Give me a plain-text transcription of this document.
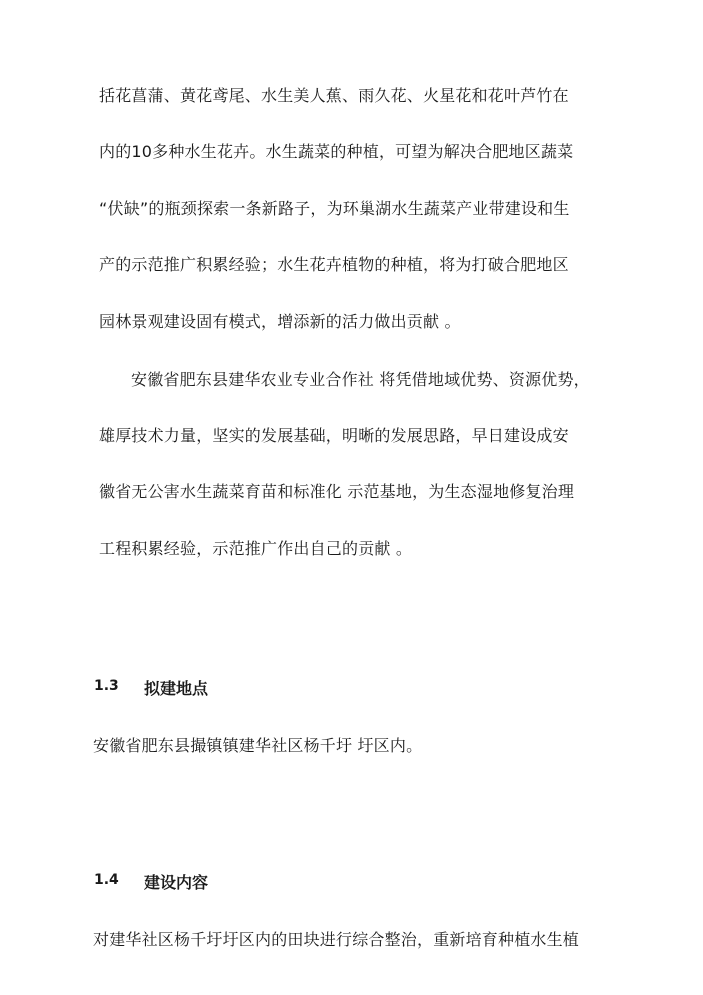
括花菖蒲、黄花鸢尾、水生美人蕉、雨久花、火星花和花叶芦竹在
内的10多种水生花卉。水生蔬菜的种植，可望为解决合肥地区蔬菜
“伏缺”的瓶颈探索一条新路子，为环巢湖水生蔬菜产业带建设和生
产的示范推广积累经验；水生花卉植物的种植，将为打破合肥地区
园林景观建设固有模式，增添新的活力做出贡献 。
安徽省肥东县建华农业专业合作社 将凭借地域优势、资源优势，
雄厚技术力量，坚实的发展基础，明晰的发展思路，早日建设成安
徽省无公害水生蔬菜育苗和标准化 示范基地，为生态湿地修复治理
工程积累经验，示范推广作出自己的贡献 。
1.3 拟建地点
安徽省肥东县撮镇镇建华社区杨千圩 圩区内。
1.4 建设内容
对建华社区杨千圩圩区内的田块进行综合整治，重新培育种植水生植
